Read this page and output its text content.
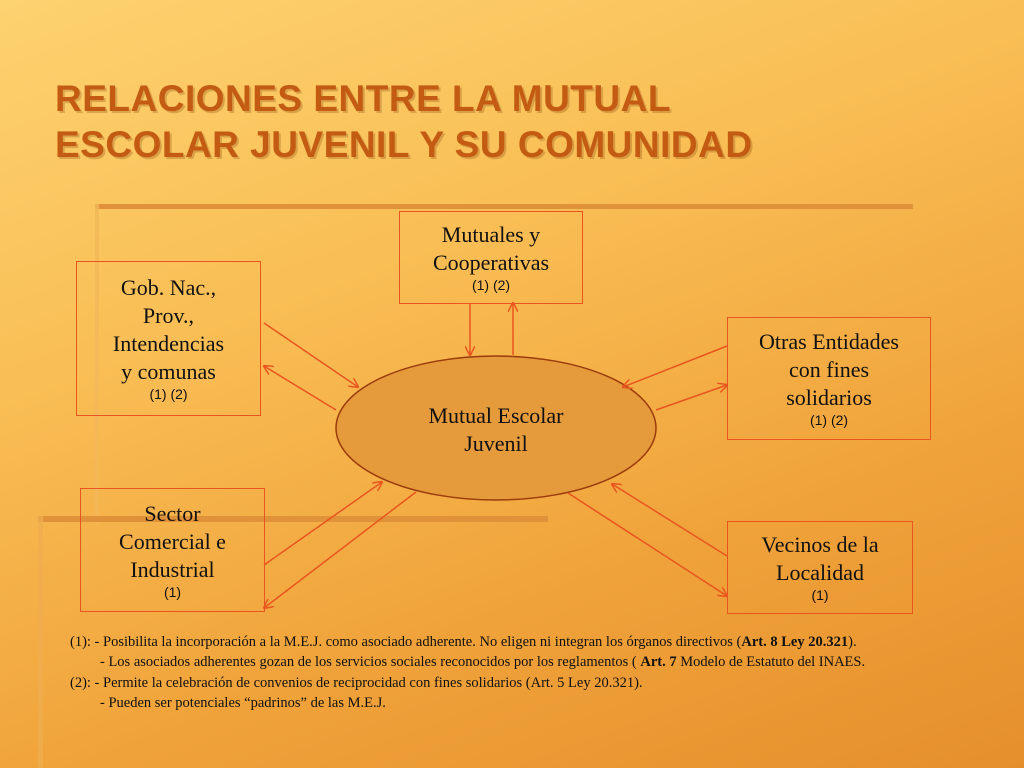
RELACIONES ENTRE LA MUTUAL
ESCOLAR JUVENIL Y SU COMUNIDAD
Mutual Escolar
Juvenil
Mutuales y
Cooperativas
(1) (2)
Gob. Nac.,
Prov.,
Intendencias
y comunas
(1) (2)
Otras Entidades
con fines
solidarios
(1) (2)
Sector
Comercial e
Industrial
(1)
Vecinos de la
Localidad
(1)

(1): - Posibilita la incorporación a la M.E.J. como asociado adherente. No eligen ni integran los órganos directivos (Art. 8 Ley 20.321).

- Los asociados adherentes gozan de los servicios sociales reconocidos por los reglamentos ( Art. 7 Modelo de Estatuto del INAES.

(2): - Permite la celebración de convenios de reciprocidad con fines solidarios (Art. 5 Ley 20.321).

- Pueden ser potenciales “padrinos” de las M.E.J.
